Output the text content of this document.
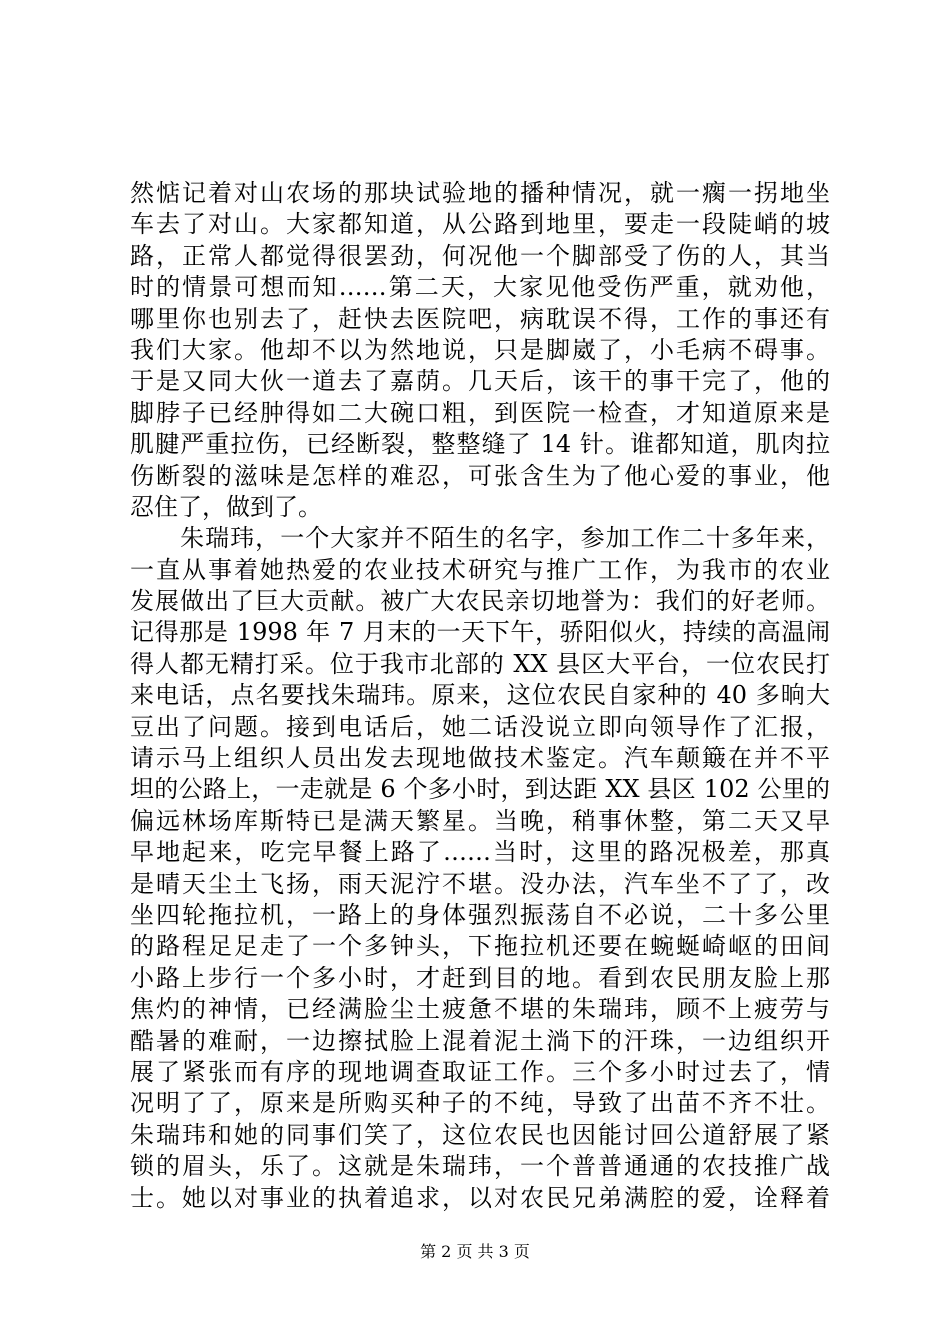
然惦记着对山农场的那块试验地的播种情况，就一瘸一拐地坐
车去了对山。大家都知道，从公路到地里，要走一段陡峭的坡
路，正常人都觉得很罢劲，何况他一个脚部受了伤的人，其当
时的情景可想而知……第二天，大家见他受伤严重，就劝他，
哪里你也别去了，赶快去医院吧，病耽误不得，工作的事还有
我们大家。他却不以为然地说，只是脚崴了，小毛病不碍事。
于是又同大伙一道去了嘉荫。几天后，该干的事干完了，他的
脚脖子已经肿得如二大碗口粗，到医院一检查，才知道原来是
肌腱严重拉伤，已经断裂，整整缝了 14 针。谁都知道，肌肉拉
伤断裂的滋味是怎样的难忍，可张含生为了他心爱的事业，他
忍住了，做到了。
　　朱瑞玮，一个大家并不陌生的名字，参加工作二十多年来，
一直从事着她热爱的农业技术研究与推广工作，为我市的农业
发展做出了巨大贡献。被广大农民亲切地誉为：我们的好老师。
记得那是 1998 年 7 月末的一天下午，骄阳似火，持续的高温闹
得人都无精打采。位于我市北部的 XX 县区大平台，一位农民打
来电话，点名要找朱瑞玮。原来，这位农民自家种的 40 多晌大
豆出了问题。接到电话后，她二话没说立即向领导作了汇报，
请示马上组织人员出发去现地做技术鉴定。汽车颠簸在并不平
坦的公路上，一走就是 6 个多小时，到达距 XX 县区 102 公里的
偏远林场库斯特已是满天繁星。当晚，稍事休整，第二天又早
早地起来，吃完早餐上路了……当时，这里的路况极差，那真
是晴天尘土飞扬，雨天泥泞不堪。没办法，汽车坐不了了，改
坐四轮拖拉机，一路上的身体强烈振荡自不必说，二十多公里
的路程足足走了一个多钟头，下拖拉机还要在蜿蜒崎岖的田间
小路上步行一个多小时，才赶到目的地。看到农民朋友脸上那
焦灼的神情，已经满脸尘土疲惫不堪的朱瑞玮，顾不上疲劳与
酷暑的难耐，一边擦拭脸上混着泥土淌下的汗珠，一边组织开
展了紧张而有序的现地调查取证工作。三个多小时过去了，情
况明了了，原来是所购买种子的不纯，导致了出苗不齐不壮。
朱瑞玮和她的同事们笑了，这位农民也因能讨回公道舒展了紧
锁的眉头，乐了。这就是朱瑞玮，一个普普通通的农技推广战
士。她以对事业的执着追求，以对农民兄弟满腔的爱，诠释着
第 2 页 共 3 页
